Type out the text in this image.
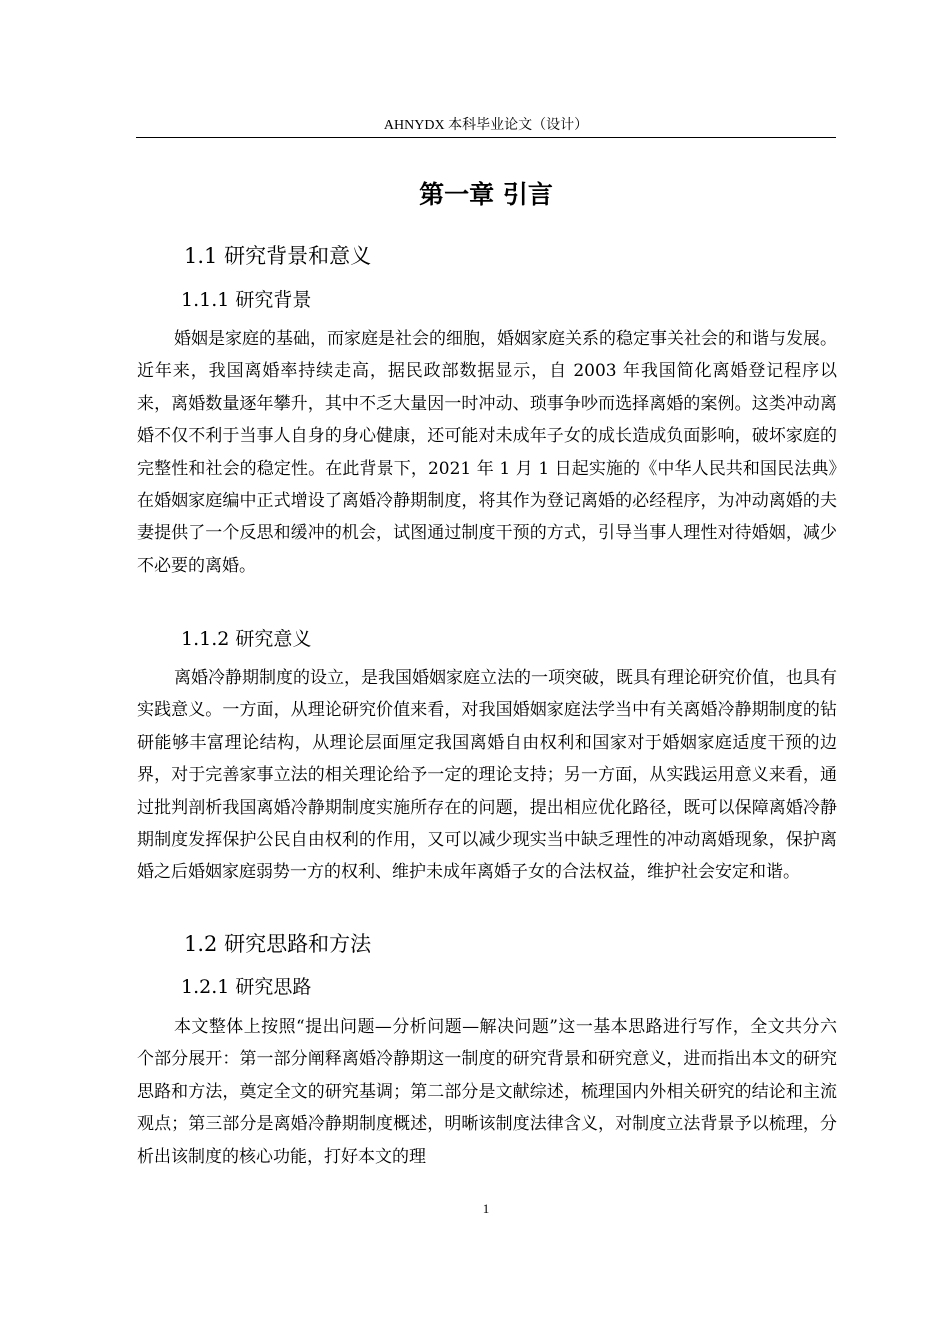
AHNYDX 本科毕业论文（设计）
第一章 引言
1.1 研究背景和意义
1.1.1 研究背景

婚姻是家庭的基础，而家庭是社会的细胞，婚姻家庭关系的稳定事关社会的和谐与发展。近年来，我国离婚率持续走高，据民政部数据显示，自 2003 年我国简化离婚登记程序以来，离婚数量逐年攀升，其中不乏大量因一时冲动、琐事争吵而选择离婚的案例。这类冲动离婚不仅不利于当事人自身的身心健康，还可能对未成年子女的成长造成负面影响，破坏家庭的完整性和社会的稳定性。在此背景下，2021 年 1 月 1 日起实施的《中华人民共和国民法典》在婚姻家庭编中正式增设了离婚冷静期制度，将其作为登记离婚的必经程序，为冲动离婚的夫妻提供了一个反思和缓冲的机会，试图通过制度干预的方式，引导当事人理性对待婚姻，减少不必要的离婚。

1.1.2 研究意义

离婚冷静期制度的设立，是我国婚姻家庭立法的一项突破，既具有理论研究价值，也具有实践意义。一方面，从理论研究价值来看，对我国婚姻家庭法学当中有关离婚冷静期制度的钻研能够丰富理论结构，从理论层面厘定我国离婚自由权利和国家对于婚姻家庭适度干预的边界，对于完善家事立法的相关理论给予一定的理论支持；另一方面，从实践运用意义来看，通过批判剖析我国离婚冷静期制度实施所存在的问题，提出相应优化路径，既可以保障离婚冷静期制度发挥保护公民自由权利的作用，又可以减少现实当中缺乏理性的冲动离婚现象，保护离婚之后婚姻家庭弱势一方的权利、维护未成年离婚子女的合法权益，维护社会安定和谐。

1.2 研究思路和方法
1.2.1 研究思路

本文整体上按照“提出问题—分析问题—解决问题”这一基本思路进行写作，全文共分六个部分展开：第一部分阐释离婚冷静期这一制度的研究背景和研究意义，进而指出本文的研究思路和方法，奠定全文的研究基调；第二部分是文献综述，梳理国内外相关研究的结论和主流观点；第三部分是离婚冷静期制度概述，明晰该制度法律含义，对制度立法背景予以梳理，分析出该制度的核心功能，打好本文的理

1
